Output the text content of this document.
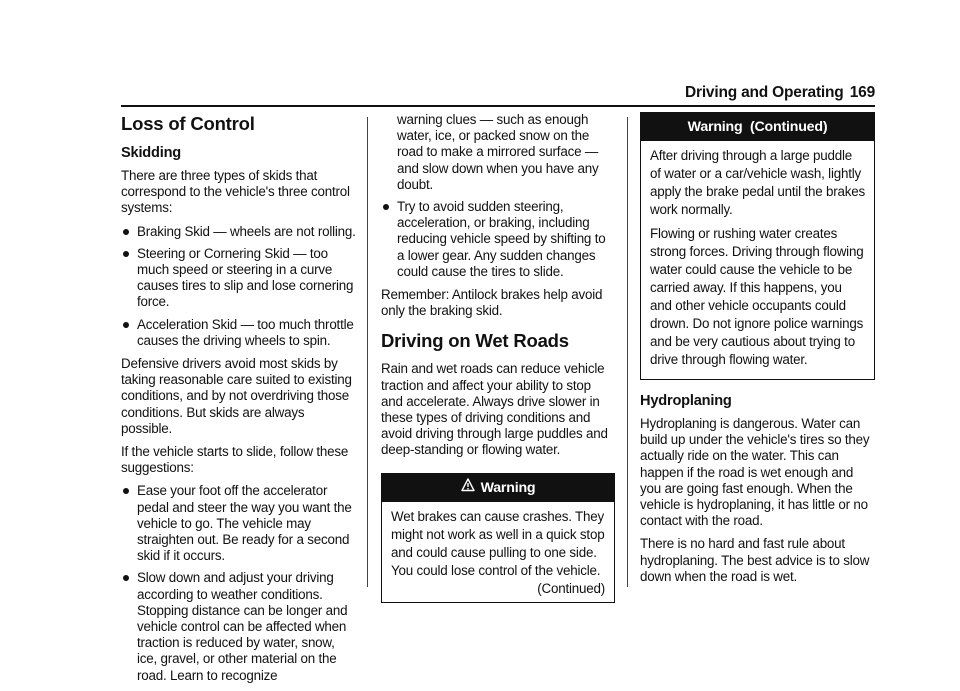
Driving and Operating 169
Loss of Control
Skidding

There are three types of skids that correspond to the vehicle's three control systems:

Braking Skid — wheels are not rolling.
Steering or Cornering Skid — too much speed or steering in a curve causes tires to slip and lose cornering force.
Acceleration Skid — too much throttle causes the driving wheels to spin.

Defensive drivers avoid most skids by taking reasonable care suited to existing conditions, and by not overdriving those conditions. But skids are always possible.

If the vehicle starts to slide, follow these suggestions:

Ease your foot off the accelerator pedal and steer the way you want the vehicle to go. The vehicle may straighten out. Be ready for a second skid if it occurs.
Slow down and adjust your driving according to weather conditions. Stopping distance can be longer and vehicle control can be affected when traction is reduced by water, snow, ice, gravel, or other material on the road. Learn to recognize
warning clues — such as enough water, ice, or packed snow on the road to make a mirrored surface — and slow down when you have any doubt.
Try to avoid sudden steering, acceleration, or braking, including reducing vehicle speed by shifting to a lower gear. Any sudden changes could cause the tires to slide.

Remember: Antilock brakes help avoid only the braking skid.

Driving on Wet Roads

Rain and wet roads can reduce vehicle traction and affect your ability to stop and accelerate. Always drive slower in these types of driving conditions and avoid driving through large puddles and deep-standing or flowing water.

Warning

Wet brakes can cause crashes. They might not work as well in a quick stop and could cause pulling to one side. You could lose control of the vehicle.

(Continued)
Warning  (Continued)

After driving through a large puddle of water or a car/vehicle wash, lightly apply the brake pedal until the brakes work normally.

Flowing or rushing water creates strong forces. Driving through flowing water could cause the vehicle to be carried away. If this happens, you and other vehicle occupants could drown. Do not ignore police warnings and be very cautious about trying to drive through flowing water.

Hydroplaning

Hydroplaning is dangerous. Water can build up under the vehicle's tires so they actually ride on the water. This can happen if the road is wet enough and you are going fast enough. When the vehicle is hydroplaning, it has little or no contact with the road.

There is no hard and fast rule about hydroplaning. The best advice is to slow down when the road is wet.
